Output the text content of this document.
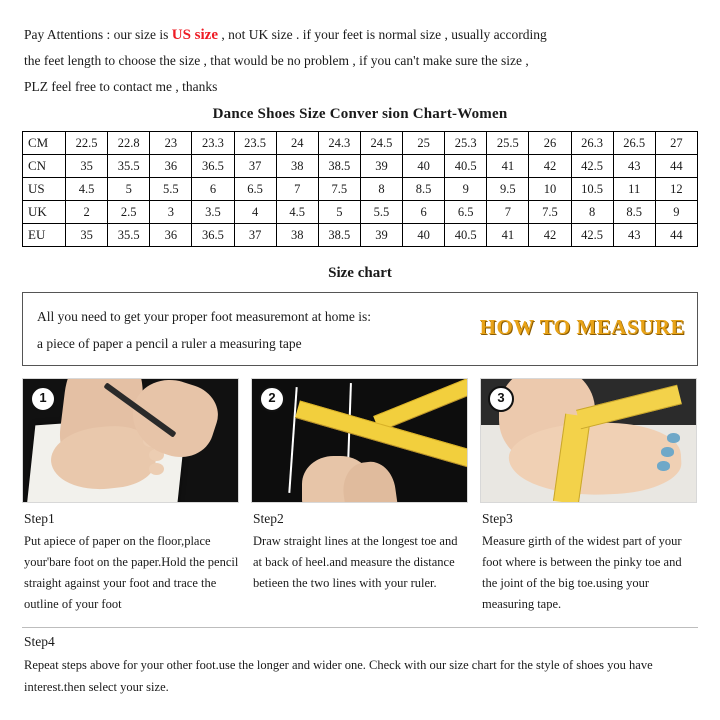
Pay Attentions : our size is US size , not UK size . if your feet is normal size , usually according
the feet length to choose the size , that would be no problem , if you can't make sure the size ,
PLZ feel free to contact me , thanks
Dance Shoes Size Conver sion Chart-Women
CM	22.5	22.8	23	23.3	23.5	24	24.3	24.5	25	25.3	25.5	26	26.3	26.5	27
CN	35	35.5	36	36.5	37	38	38.5	39	40	40.5	41	42	42.5	43	44
US	4.5	5	5.5	6	6.5	7	7.5	8	8.5	9	9.5	10	10.5	11	12
UK	2	2.5	3	3.5	4	4.5	5	5.5	6	6.5	7	7.5	8	8.5	9
EU	35	35.5	36	36.5	37	38	38.5	39	40	40.5	41	42	42.5	43	44
Size chart
All you need to get your proper foot measuremont at home is:
a piece of paper a pencil a ruler a measuring tape
HOW TO MEASURE
1
Step1
Put apiece of paper on the floor,place your'bare foot on the paper.Hold the pencil straight against your foot and trace the outline of your foot
2
Step2
Draw straight lines at the longest toe and at back of heel.and measure the distance betieen the two lines with your ruler.
3
Step3
Measure girth of the widest part of your foot where is between the pinky toe and the joint of the big toe.using your measuring tape.
Step4
Repeat steps above for your other foot.use the longer and wider one. Check with our size chart for the style of shoes you have interest.then select your size.
